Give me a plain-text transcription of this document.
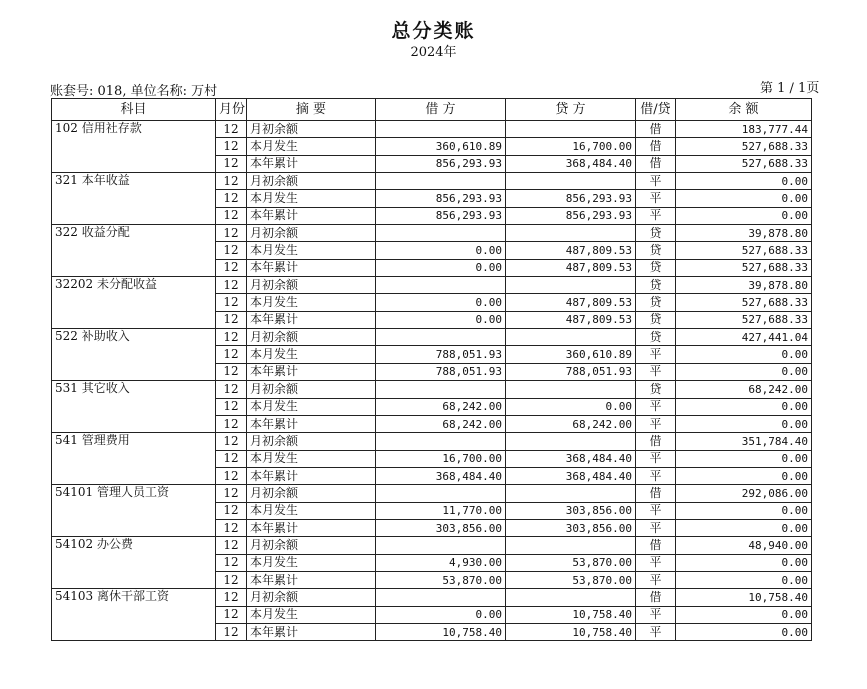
总分类账
2024年
账套号: 018, 单位名称: 万村	第 1 / 1页
科目	月份	摘 要	借 方	贷 方	借/贷	余 额
102 信用社存款	12	月初余额			借	183,777.44
	12	本月发生	360,610.89	16,700.00	借	527,688.33
	12	本年累计	856,293.93	368,484.40	借	527,688.33
321 本年收益	12	月初余额			平	0.00
	12	本月发生	856,293.93	856,293.93	平	0.00
	12	本年累计	856,293.93	856,293.93	平	0.00
322 收益分配	12	月初余额			贷	39,878.80
	12	本月发生	0.00	487,809.53	贷	527,688.33
	12	本年累计	0.00	487,809.53	贷	527,688.33
32202 未分配收益	12	月初余额			贷	39,878.80
	12	本月发生	0.00	487,809.53	贷	527,688.33
	12	本年累计	0.00	487,809.53	贷	527,688.33
522 补助收入	12	月初余额			贷	427,441.04
	12	本月发生	788,051.93	360,610.89	平	0.00
	12	本年累计	788,051.93	788,051.93	平	0.00
531 其它收入	12	月初余额			贷	68,242.00
	12	本月发生	68,242.00	0.00	平	0.00
	12	本年累计	68,242.00	68,242.00	平	0.00
541 管理费用	12	月初余额			借	351,784.40
	12	本月发生	16,700.00	368,484.40	平	0.00
	12	本年累计	368,484.40	368,484.40	平	0.00
54101 管理人员工资	12	月初余额			借	292,086.00
	12	本月发生	11,770.00	303,856.00	平	0.00
	12	本年累计	303,856.00	303,856.00	平	0.00
54102 办公费	12	月初余额			借	48,940.00
	12	本月发生	4,930.00	53,870.00	平	0.00
	12	本年累计	53,870.00	53,870.00	平	0.00
54103 离休干部工资	12	月初余额			借	10,758.40
	12	本月发生	0.00	10,758.40	平	0.00
	12	本年累计	10,758.40	10,758.40	平	0.00
